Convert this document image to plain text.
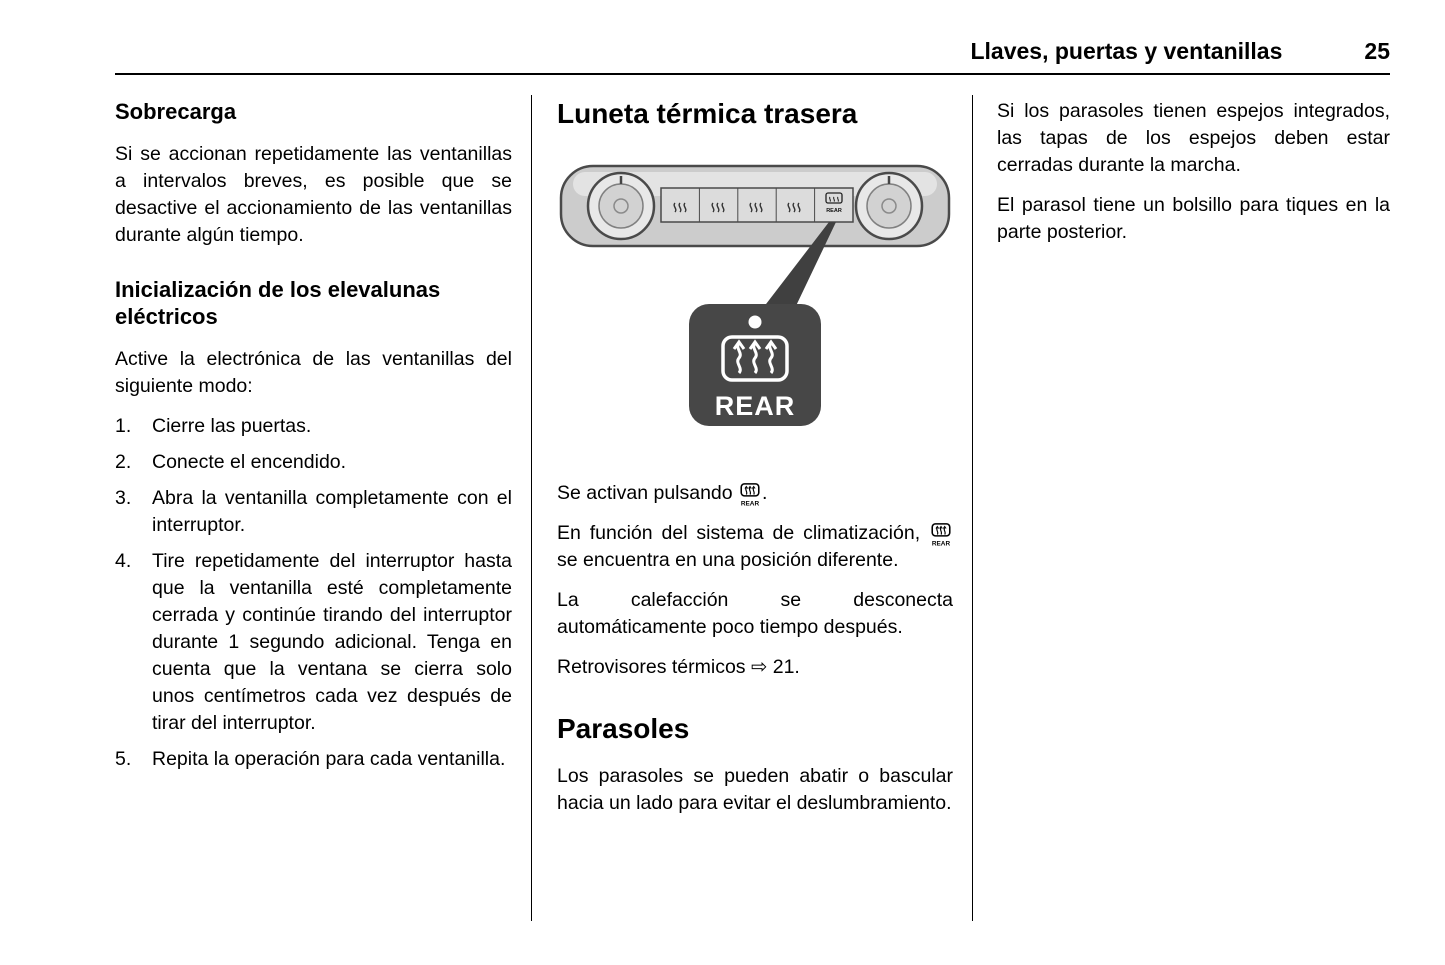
Llaves, puertas y ventanillas	25
Sobrecarga

Si se accionan repetidamente las ventanillas a intervalos breves, es posible que se desactive el accionamiento de las ventanillas durante algún tiempo.

Inicialización de los elevalunas eléctricos

Active la electrónica de las ventanillas del siguiente modo:

1.	Cierre las puertas.
2.	Conecte el encendido.
3.	Abra la ventanilla completamente con el interruptor.
4.	Tire repetidamente del interruptor hasta que la ventanilla esté completamente cerrada y continúe tirando del interruptor durante 1 segundo adicional. Tenga en cuenta que la ventana se cierra solo unos centímetros cada vez después de tirar del interruptor.
5.	Repita la operación para cada ventanilla.
Luneta térmica trasera
REAR
REAR

Se activan pulsando
REAR
.

En función del sistema de climatización,
REAR
se encuentra en una posición diferente.

La calefacción se desconecta automáticamente poco tiempo después.

Retrovisores térmicos ⇨ 21.

Parasoles

Los parasoles se pueden abatir o bascular hacia un lado para evitar el deslumbramiento.

Si los parasoles tienen espejos integrados, las tapas de los espejos deben estar cerradas durante la marcha.

El parasol tiene un bolsillo para tiques en la parte posterior.
